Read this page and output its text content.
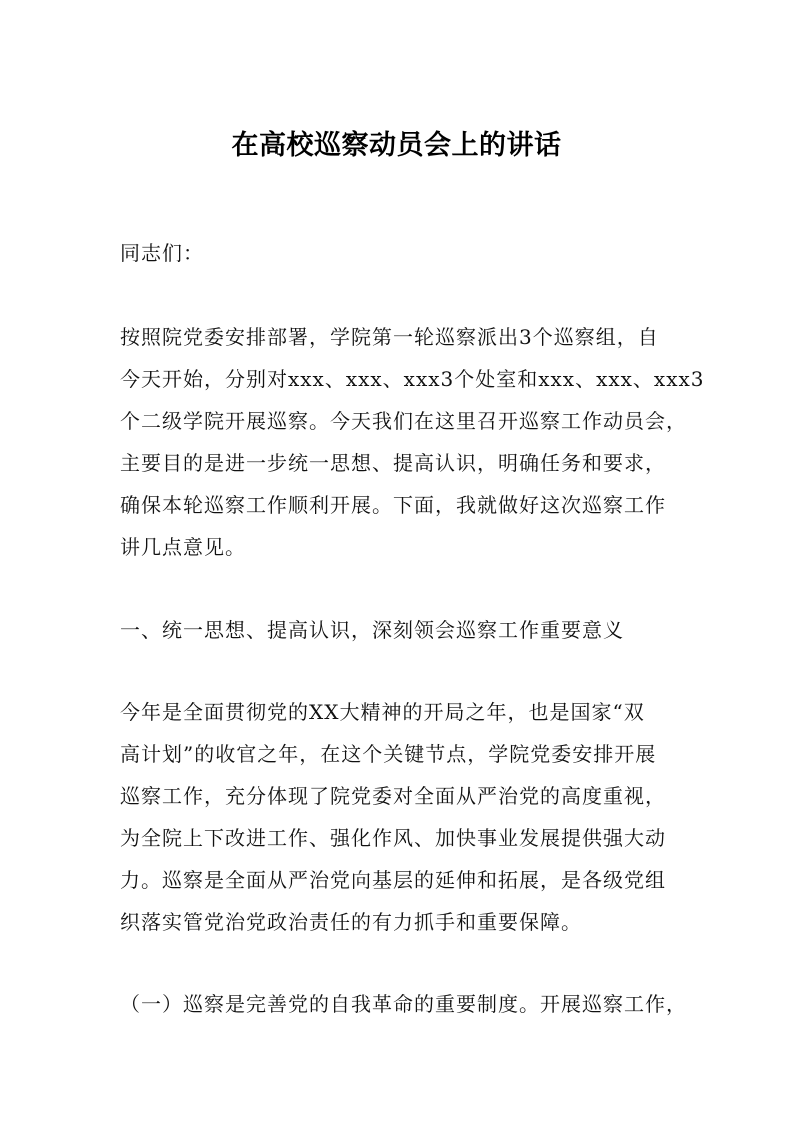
在高校巡察动员会上的讲话
同志们：
按照院党委安排部署，学院第一轮巡察派出3个巡察组，自
今天开始，分别对xxx、xxx、xxx3个处室和xxx、xxx、xxx3
个二级学院开展巡察。今天我们在这里召开巡察工作动员会，
主要目的是进一步统一思想、提高认识，明确任务和要求，
确保本轮巡察工作顺利开展。下面，我就做好这次巡察工作
讲几点意见。
一、统一思想、提高认识，深刻领会巡察工作重要意义
今年是全面贯彻党的XX大精神的开局之年，也是国家“双
高计划”的收官之年，在这个关键节点，学院党委安排开展
巡察工作，充分体现了院党委对全面从严治党的高度重视，
为全院上下改进工作、强化作风、加快事业发展提供强大动
力。巡察是全面从严治党向基层的延伸和拓展，是各级党组
织落实管党治党政治责任的有力抓手和重要保障。
（一）巡察是完善党的自我革命的重要制度。开展巡察工作，
